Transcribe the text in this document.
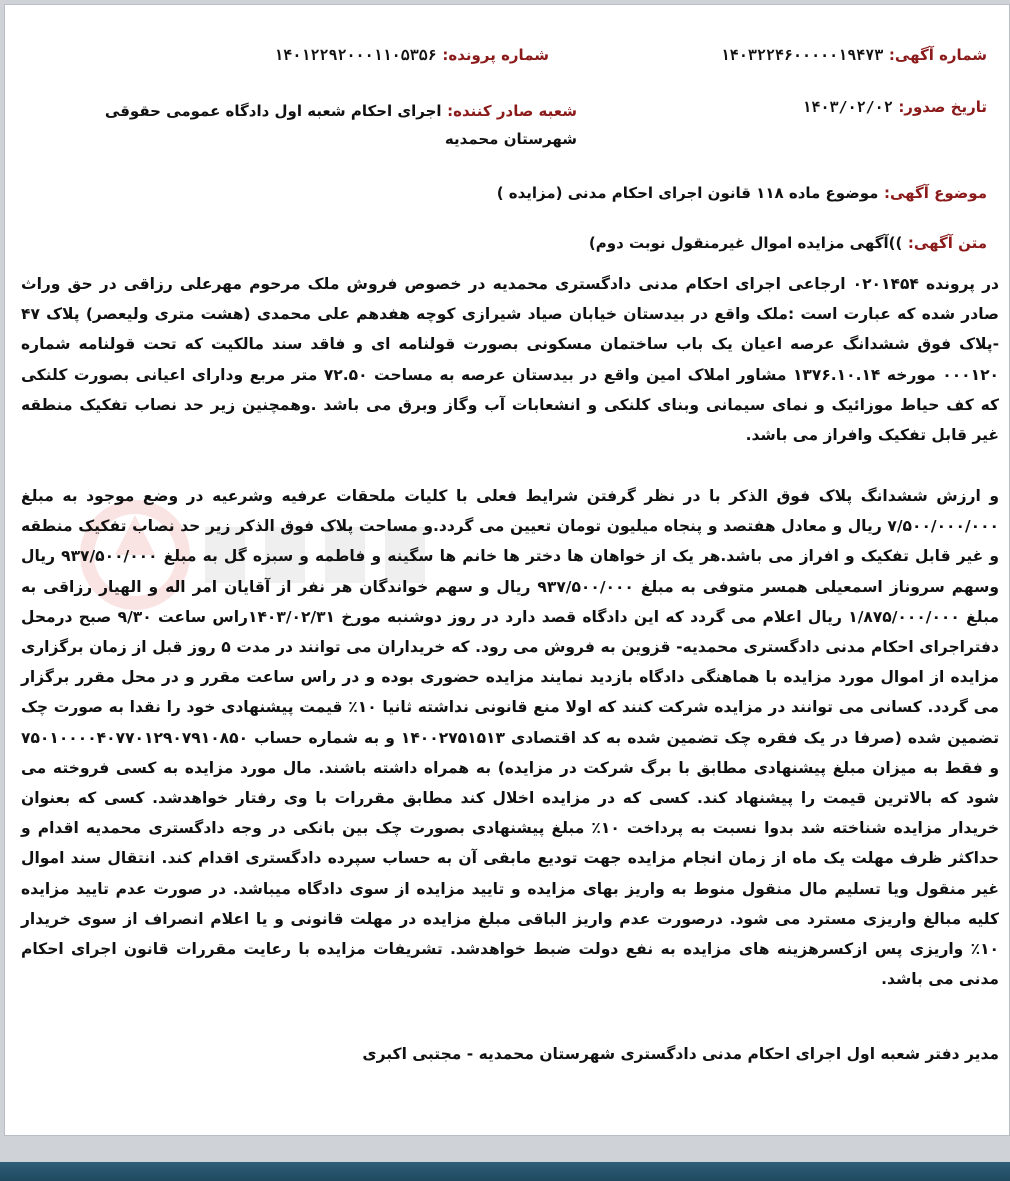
شماره آگهی: ۱۴۰۳۲۲۴۶۰۰۰۰۰۱۹۴۷۳
شماره پرونده: ۱۴۰۱۲۲۹۲۰۰۰۱۱۰۵۳۵۶
تاریخ صدور: ۱۴۰۳/۰۲/۰۲
شعبه صادر کننده: اجرای احکام شعبه اول دادگاه عمومی حقوقی شهرستان محمدیه
موضوع آگهی: موضوع ماده ۱۱۸ قانون اجرای احکام مدنی (مزایده )
متن آگهی: ))آگهی مزایده اموال غیرمنقول نوبت دوم)
در پرونده ۰۲۰۱۴۵۴ ارجاعی اجرای احکام مدنی دادگستری محمدیه در خصوص فروش ملک مرحوم مهرعلی رزاقی در حق وراث صادر شده که عبارت است :ملک واقع در بیدستان خیابان صیاد شیرازی کوچه هفدهم علی محمدی (هشت متری ولیعصر) پلاک ۴۷ -پلاک فوق ششدانگ عرصه اعیان یک باب ساختمان مسکونی بصورت قولنامه ای و فاقد سند مالکیت که تحت قولنامه شماره ۰۰۰۱۲۰ مورخه ۱۳۷۶.۱۰.۱۴ مشاور املاک امین واقع در بیدستان عرصه به مساحت ۷۲.۵۰ متر مربع ودارای اعیانی بصورت کلنکی که کف حیاط موزائیک و نمای سیمانی وبنای کلنکی و انشعابات آب وگاز وبرق می باشد .وهمچنین زیر حد نصاب تفکیک منطقه غیر قابل تفکیک وافراز می باشد.
و ارزش ششدانگ پلاک فوق الذکر با در نظر گرفتن شرایط فعلی با کلیات ملحقات عرفیه وشرعیه در وضع موجود به مبلغ ۷/۵۰۰/۰۰۰/۰۰۰ ریال و معادل هفتصد و پنجاه میلیون تومان تعیین می گردد.و مساحت پلاک فوق الذکر زیر حد نصاب تفکیک منطقه و غیر قابل تفکیک و افراز می باشد.هر یک از خواهان ها دختر ها خانم ها سگینه و فاطمه و سبزه گل به مبلغ ۹۳۷/۵۰۰/۰۰۰ ریال وسهم سروناز اسمعیلی همسر متوفی به مبلغ ۹۳۷/۵۰۰/۰۰۰ ریال و سهم خواندگان هر نفر از آقایان امر اله و الهیار رزاقی به مبلغ ۱/۸۷۵/۰۰۰/۰۰۰ ریال اعلام می گردد که این دادگاه قصد دارد در روز دوشنبه مورخ ۱۴۰۳/۰۲/۳۱راس ساعت ۹/۳۰ صبح درمحل دفتراجرای احکام مدنی دادگستری محمدیه- قزوین به فروش می رود. که خریداران می توانند در مدت ۵ روز قبل از زمان برگزاری مزایده از اموال مورد مزایده با هماهنگی دادگاه بازدید نمایند مزایده حضوری بوده و در راس ساعت مقرر و در محل مقرر برگزار می گردد. کسانی می توانند در مزایده شرکت کنند که اولا منع قانونی نداشته ثانیا ۱۰٪ قیمت پیشنهادی خود را نقدا به صورت چک تضمین شده (صرفا در یک فقره چک تضمین شده به کد اقتصادی ۱۴۰۰۲۷۵۱۵۱۳ و به شماره حساب ۷۵۰۱۰۰۰۰۴۰۷۷۰۱۲۹۰۷۹۱۰۸۵۰ و فقط به میزان مبلغ پیشنهادی مطابق با برگ شرکت در مزایده) به همراه داشته باشند. مال مورد مزایده به کسی فروخته می شود که بالاترین قیمت را پیشنهاد کند. کسی که در مزایده اخلال کند مطابق مقررات با وی رفتار خواهدشد. کسی که بعنوان خریدار مزایده شناخته شد بدوا نسبت به پرداخت ۱۰٪ مبلغ پیشنهادی بصورت چک بین بانکی در وجه دادگستری محمدیه اقدام و حداکثر ظرف مهلت یک ماه از زمان انجام مزایده جهت توديع مابقی آن به حساب سپرده دادگستری اقدام کند. انتقال سند اموال غیر منقول ویا تسلیم مال منقول منوط به واریز بهای مزایده و تایید مزایده از سوی دادگاه میباشد. در صورت عدم تایید مزایده کلیه مبالغ واریزی مسترد می شود. درصورت عدم واریز الباقی مبلغ مزایده در مهلت قانونی و یا اعلام انصراف از سوی خریدار ۱۰٪ واریزی پس ازکسرهزینه های مزایده به نفع دولت ضبط خواهدشد. تشریفات مزایده با رعایت مقررات قانون اجرای احکام مدنی می باشد.
مدیر دفتر شعبه اول اجرای احکام مدنی دادگستری شهرستان محمدیه - مجتبی اکبری
